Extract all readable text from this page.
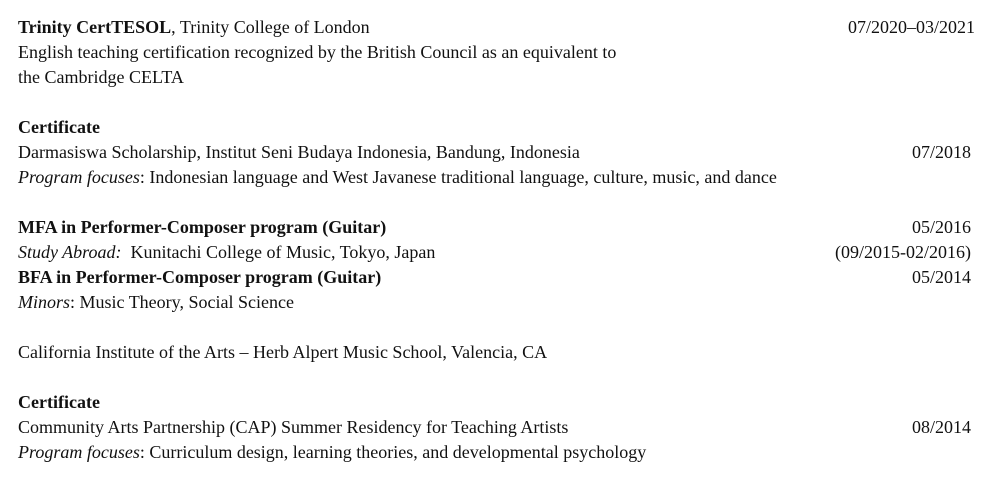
Trinity CertTESOL, Trinity College of London	07/2020–03/2021
English teaching certification recognized by the British Council as an equivalent to
the Cambridge CELTA
Certificate
Darmasiswa Scholarship, Institut Seni Budaya Indonesia, Bandung, Indonesia	07/2018
Program focuses: Indonesian language and West Javanese traditional language, culture, music, and dance
MFA in Performer-Composer program (Guitar)	05/2016
Study Abroad:  Kunitachi College of Music, Tokyo, Japan	(09/2015-02/2016)
BFA in Performer-Composer program (Guitar)	05/2014
Minors: Music Theory, Social Science
California Institute of the Arts – Herb Alpert Music School, Valencia, CA
Certificate
Community Arts Partnership (CAP) Summer Residency for Teaching Artists	08/2014
Program focuses: Curriculum design, learning theories, and developmental psychology
